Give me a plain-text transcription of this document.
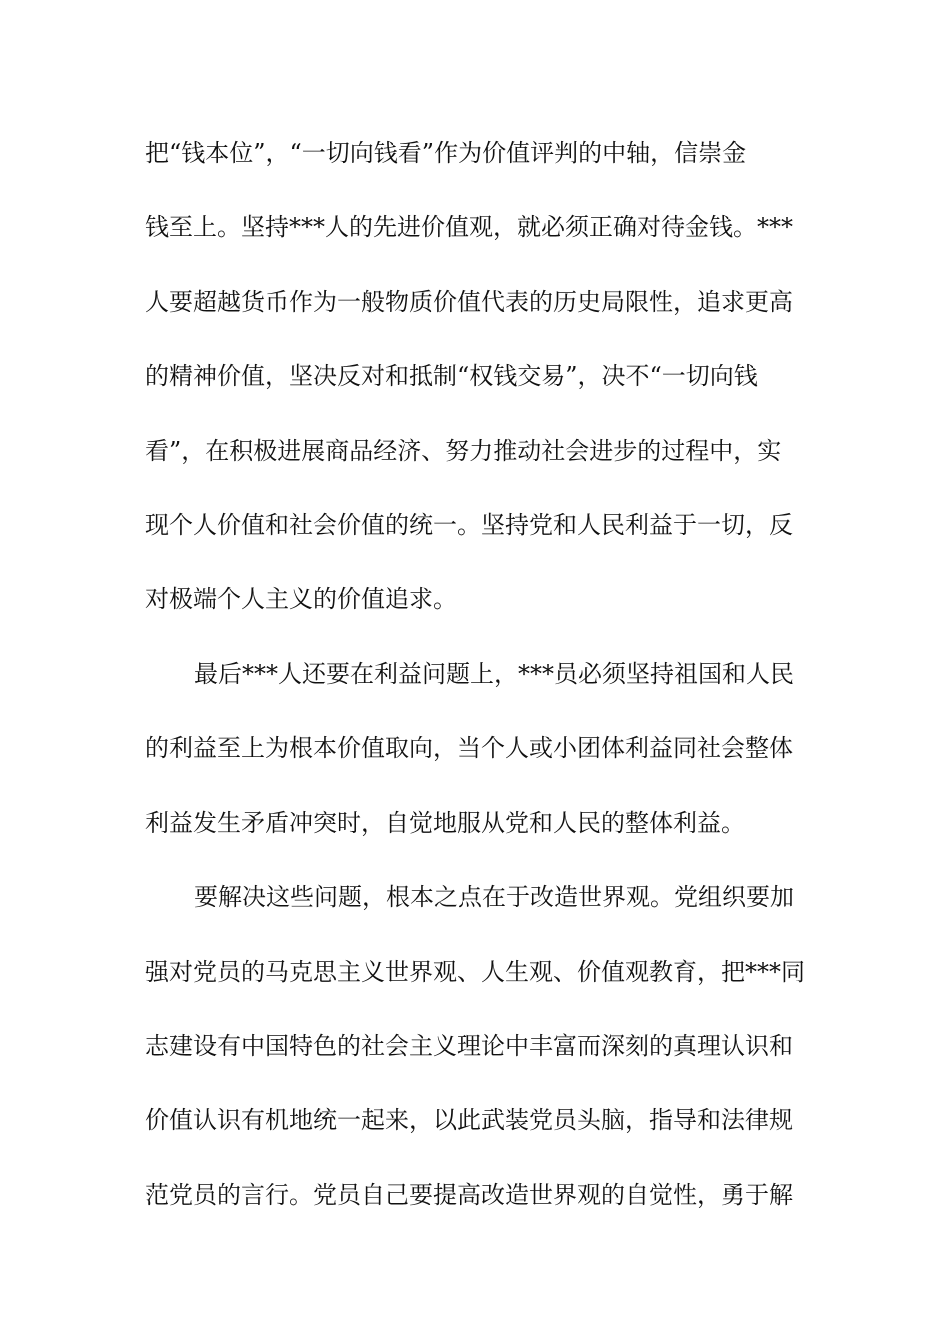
把“钱本位”，“一切向钱看”作为价值评判的中轴，信崇金
钱至上。坚持***人的先进价值观，就必须正确对待金钱。***
人要超越货币作为一般物质价值代表的历史局限性，追求更高
的精神价值，坚决反对和抵制“权钱交易”，决不“一切向钱
看”，在积极进展商品经济、努力推动社会进步的过程中，实
现个人价值和社会价值的统一。坚持党和人民利益于一切，反
对极端个人主义的价值追求。
最后***人还要在利益问题上，***员必须坚持祖国和人民
的利益至上为根本价值取向，当个人或小团体利益同社会整体
利益发生矛盾冲突时，自觉地服从党和人民的整体利益。
要解决这些问题，根本之点在于改造世界观。党组织要加
强对党员的马克思主义世界观、人生观、价值观教育，把***同
志建设有中国特色的社会主义理论中丰富而深刻的真理认识和
价值认识有机地统一起来，以此武装党员头脑，指导和法律规
范党员的言行。党员自己要提高改造世界观的自觉性，勇于解
